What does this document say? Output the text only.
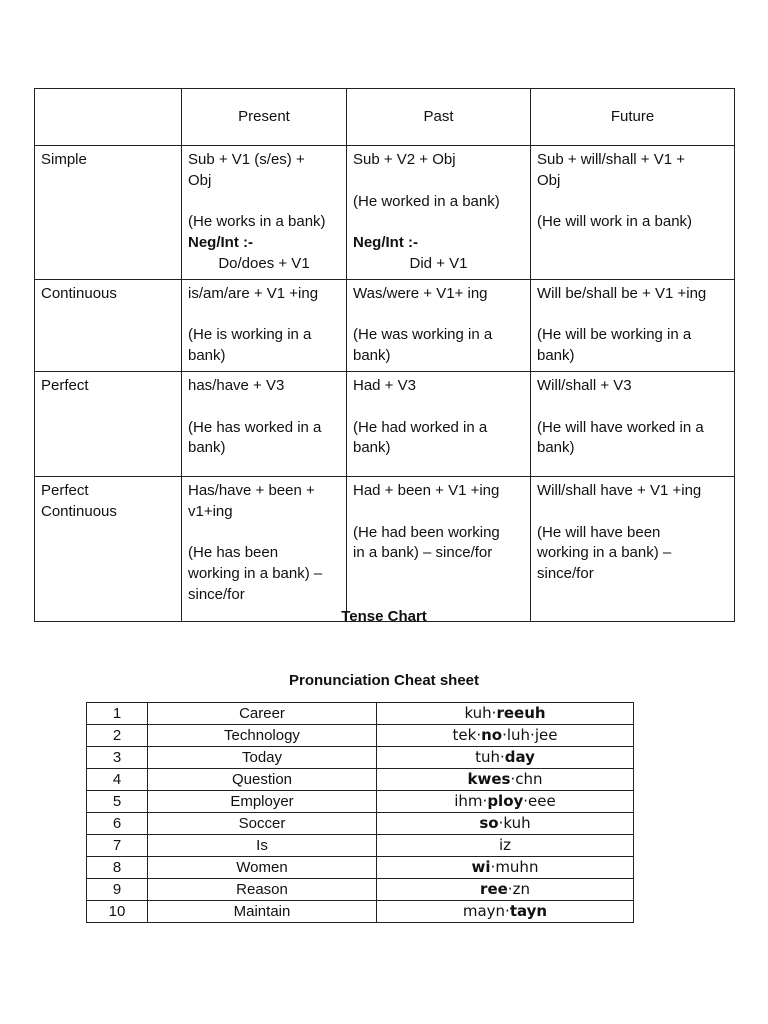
	Present	Past	Future

Simple	Sub + V1 (s/es) +
Obj
(He works in a bank)
Neg/Int :-
Do/does + V1	Sub + V2 + Obj
(He worked in a bank)
Neg/Int :-
Did + V1	Sub + will/shall + V1 +
Obj
(He will work in a bank)

Continuous	is/am/are + V1 +ing
(He is working in a
bank)	Was/were + V1+ ing
(He was working in a
bank)	Will be/shall be + V1 +ing
(He will be working in a
bank)

Perfect	has/have + V3
(He has worked in a
bank)	Had + V3
(He had worked in a
bank)	Will/shall + V3
(He will have worked in a
bank)

Perfect
Continuous	Has/have + been +
v1+ing
(He has been
working in a bank) –
since/for	Had + been + V1 +ing
(He had been working
in a bank) – since/for	Will/shall have + V1 +ing
(He will have been
working in a bank) –
since/for
Tense Chart
Pronunciation Cheat sheet
1	Career	kuh·reeuh
2	Technology	tek·no·luh·jee
3	Today	tuh·day
4	Question	kwes·chn
5	Employer	ihm·ploy·eee
6	Soccer	so·kuh
7	Is	iz
8	Women	wi·muhn
9	Reason	ree·zn
10	Maintain	mayn·tayn
